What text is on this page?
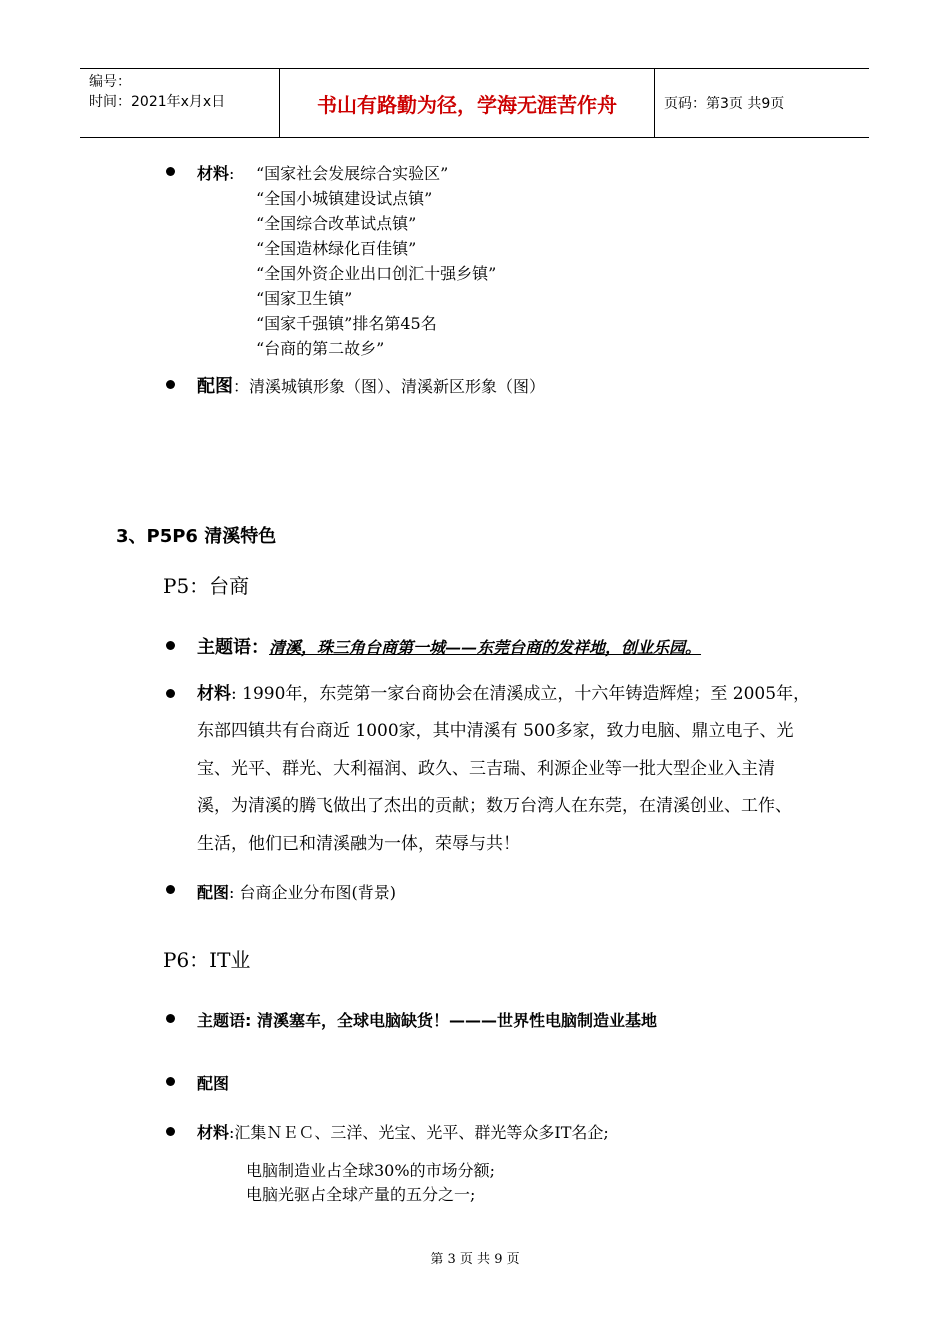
编号：
时间：2021年x月x日	书山有路勤为径，学海无涯苦作舟	页码：第3页 共9页
材料: “国家社会发展综合实验区”
“全国小城镇建设试点镇”
“全国综合改革试点镇”
“全国造林绿化百佳镇”
“全国外资企业出口创汇十强乡镇”
“国家卫生镇”
“国家千强镇”排名第45名
“台商的第二故乡”
配图：清溪城镇形象（图）、清溪新区形象（图）
3、P5P6 清溪特色
P5：台商
主题语：清溪，珠三角台商第一城——东莞台商的发祥地，创业乐园。
材料: 1990年，东莞第一家台商协会在清溪成立，十六年铸造辉煌；至 2005年，
东部四镇共有台商近 1000家，其中清溪有 500多家，致力电脑、鼎立电子、光
宝、光平、群光、大利福润、政久、三吉瑞、利源企业等一批大型企业入主清
溪，为清溪的腾飞做出了杰出的贡献；数万台湾人在东莞，在清溪创业、工作、
生活，他们已和清溪融为一体，荣辱与共！
配图: 台商企业分布图(背景)
P6：IT业
主题语: 清溪塞车，全球电脑缺货！———世界性电脑制造业基地
配图
材料:汇集ＮＥＣ、三洋、光宝、光平、群光等众多IT名企;
电脑制造业占全球30%的市场分额;
电脑光驱占全球产量的五分之一;
第 3 页 共 9 页
